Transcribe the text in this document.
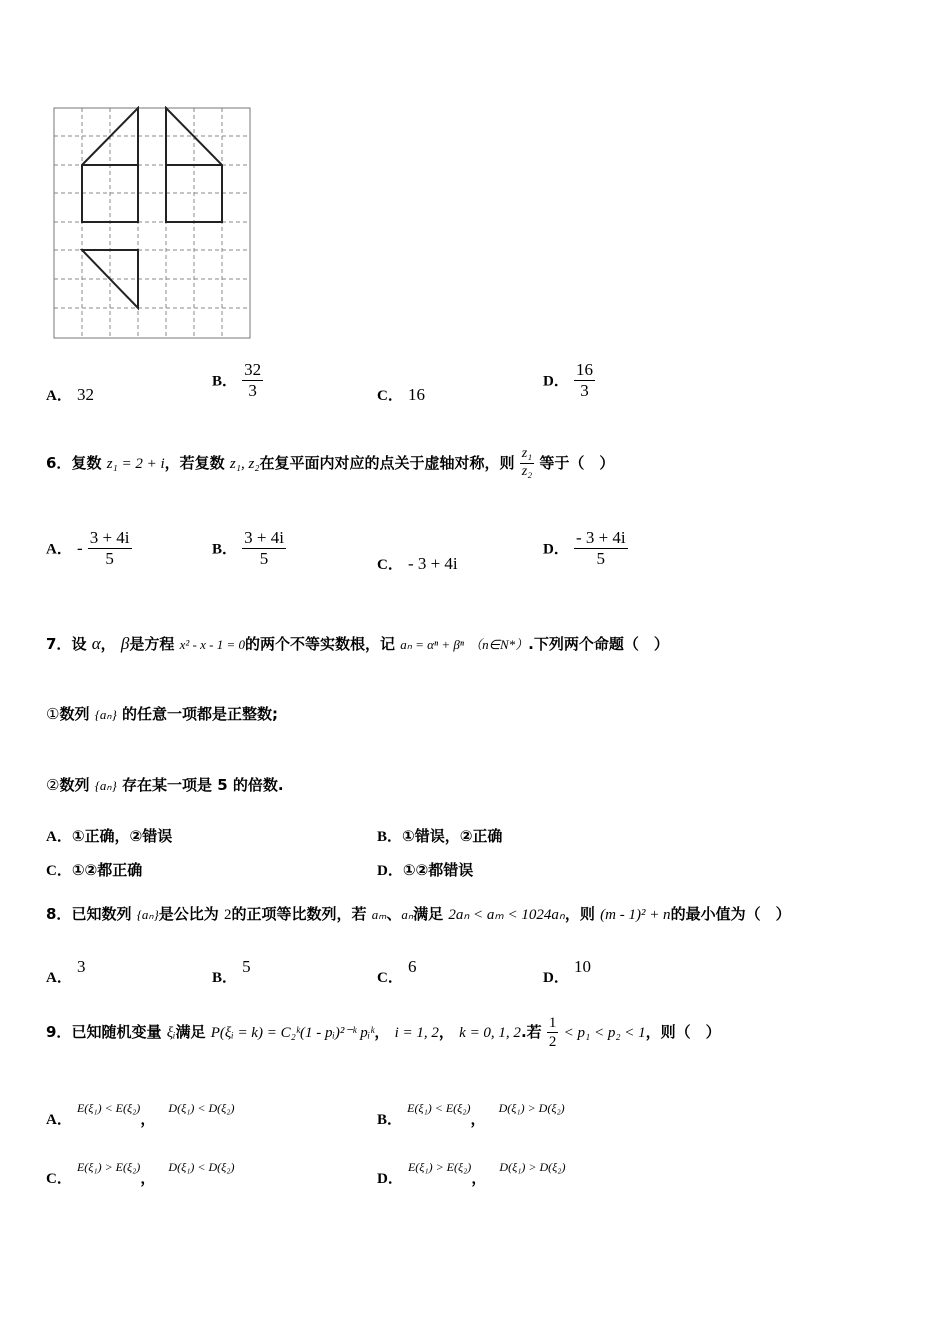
A． 32
B． $\frac{32}{3}$	C． 16
D． $\frac{16}{3}$
6．复数 z₁ = 2 + i，若复数 z₁, z₂在复平面内对应的点关于虚轴对称，则 $\frac{\text{z₁}}{\text{z₂}}$ 等于（　）
A． - $\frac{3 + 4i}{5}$	B． $\frac{3 + 4i}{5}$	C． - 3 + 4i
D． $\frac{- 3 + 4i}{5}$
7．设 α， β是方程 x² - x - 1 = 0的两个不等实数根，记 aₙ = αⁿ + βⁿ （n∈N*）.下列两个命题（　）
①数列 {aₙ} 的任意一项都是正整数;
②数列 {aₙ} 存在某一项是 5 的倍数.
A．①正确，②错误	B．①错误，②正确
C．①②都正确	D．①②都错误
8．已知数列 {aₙ}是公比为 2的正项等比数列，若 aₘ、aₙ满足 2aₙ < aₘ < 1024aₙ，则 (m - 1)² + n的最小值为（　）
A． 3
B． 5
C． 6
D． 10
9．已知随机变量 ξᵢ满足 P(ξᵢ = k) = C₂ᵏ(1 - pᵢ)²⁻ᵏ pᵢᵏ， i = 1, 2， k = 0, 1, 2.若 $\frac{1}{2} < p_1 < p_2 < 1$，则（　）
A． E(ξ₁) < E(ξ₂)， D(ξ₁) < D(ξ₂)
B． E(ξ₁) < E(ξ₂)， D(ξ₁) > D(ξ₂)
C． E(ξ₁) > E(ξ₂)， D(ξ₁) < D(ξ₂)
D． E(ξ₁) > E(ξ₂)， D(ξ₁) > D(ξ₂)
